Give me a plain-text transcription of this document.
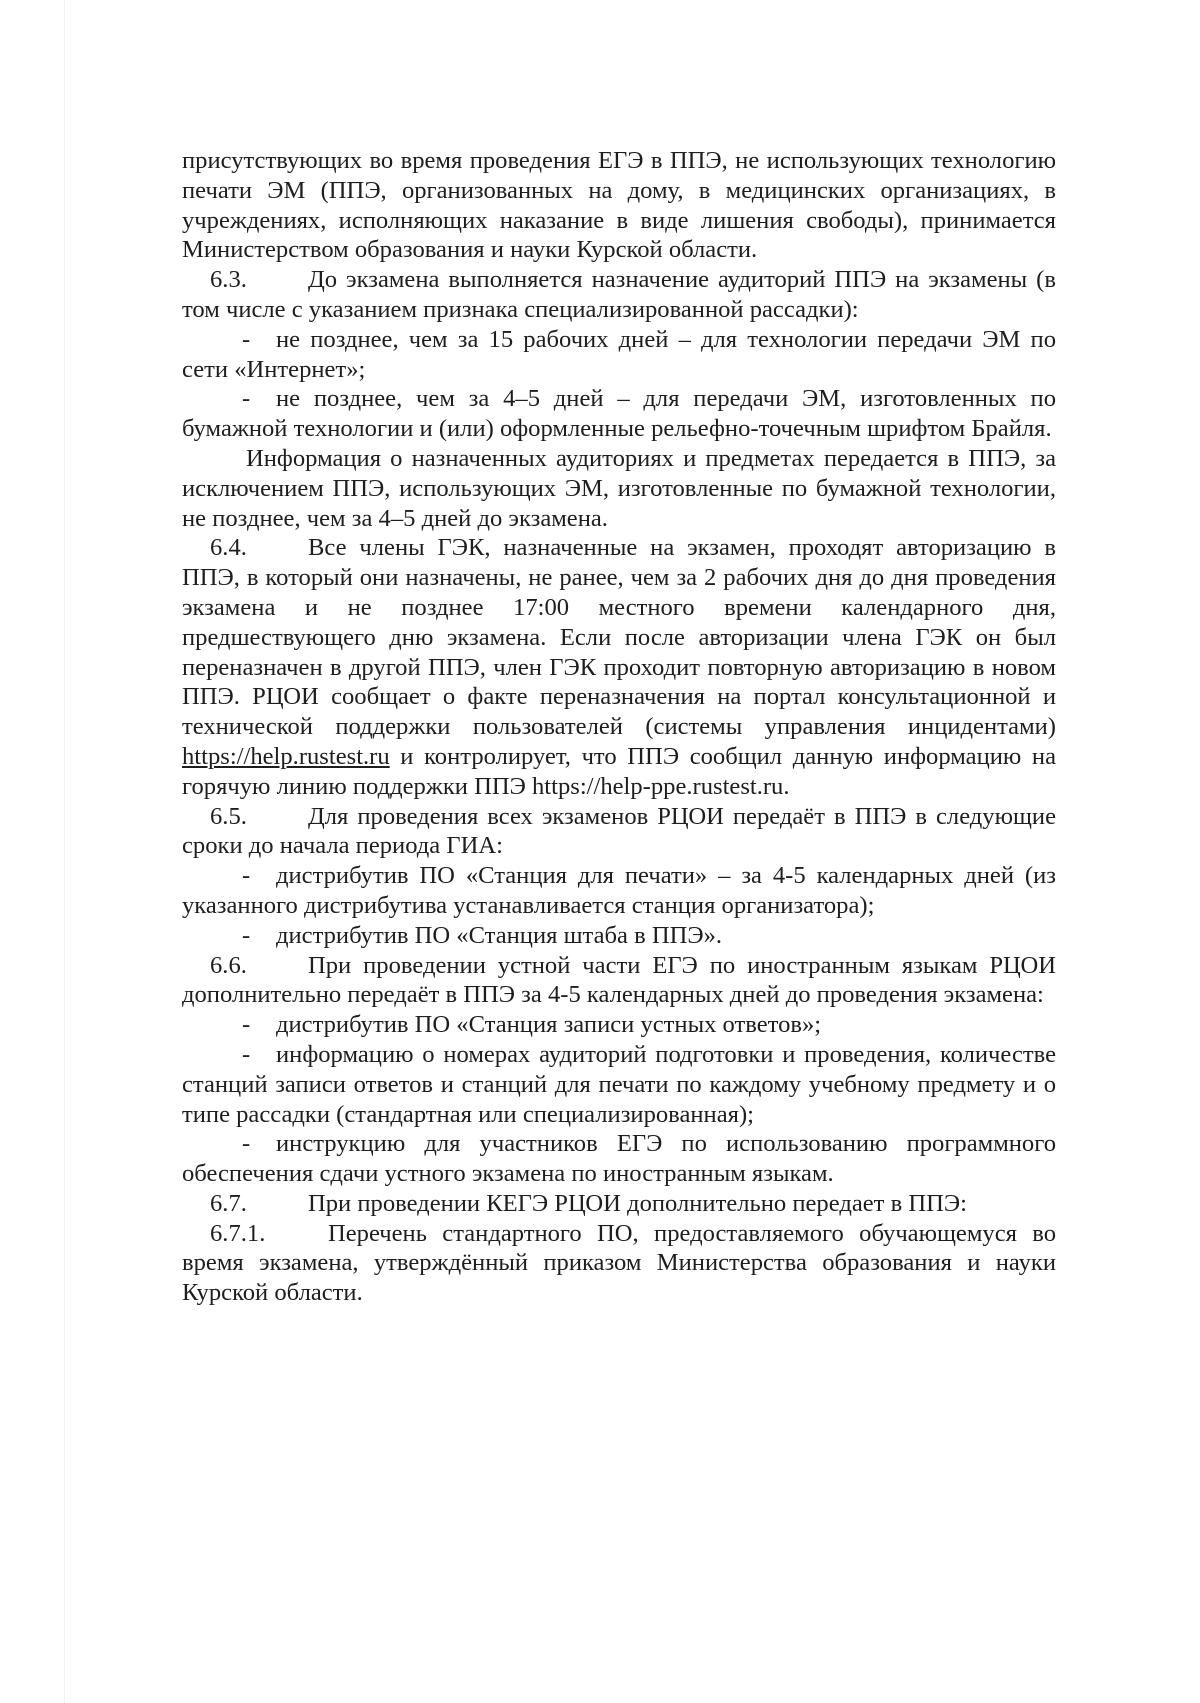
присутствующих во время проведения ЕГЭ в ППЭ, не использующих технологию печати ЭМ (ППЭ, организованных на дому, в медицинских организациях, в учреждениях, исполняющих наказание в виде лишения свободы), принимается Министерством образования и науки Курской области.

6.3. До экзамена выполняется назначение аудиторий ППЭ на экзамены (в том числе с указанием признака специализированной рассадки):

- не позднее, чем за 15 рабочих дней – для технологии передачи ЭМ по сети «Интернет»;

- не позднее, чем за 4–5 дней – для передачи ЭМ, изготовленных по бумажной технологии и (или) оформленные рельефно-точечным шрифтом Брайля.

Информация о назначенных аудиториях и предметах передается в ППЭ, за исключением ППЭ, использующих ЭМ, изготовленные по бумажной технологии, не позднее, чем за 4–5 дней до экзамена.

6.4. Все члены ГЭК, назначенные на экзамен, проходят авторизацию в ППЭ, в который они назначены, не ранее, чем за 2 рабочих дня до дня проведения экзамена и не позднее 17:00 местного времени календарного дня, предшествующего дню экзамена. Если после авторизации члена ГЭК он был переназначен в другой ППЭ, член ГЭК проходит повторную авторизацию в новом ППЭ. РЦОИ сообщает о факте переназначения на портал консультационной и технической поддержки пользователей (системы управления инцидентами) https://help.rustest.ru и контролирует, что ППЭ сообщил данную информацию на горячую линию поддержки ППЭ https://help-ppe.rustest.ru.

6.5. Для проведения всех экзаменов РЦОИ передаёт в ППЭ в следующие сроки до начала периода ГИА:

- дистрибутив ПО «Станция для печати» – за 4-5 календарных дней (из указанного дистрибутива устанавливается станция организатора);

- дистрибутив ПО «Станция штаба в ППЭ».

6.6. При проведении устной части ЕГЭ по иностранным языкам РЦОИ дополнительно передаёт в ППЭ за 4-5 календарных дней до проведения экзамена:

- дистрибутив ПО «Станция записи устных ответов»;

- информацию о номерах аудиторий подготовки и проведения, количестве станций записи ответов и станций для печати по каждому учебному предмету и о типе рассадки (стандартная или специализированная);

- инструкцию для участников ЕГЭ по использованию программного обеспечения сдачи устного экзамена по иностранным языкам.

6.7. При проведении КЕГЭ РЦОИ дополнительно передает в ППЭ:

6.7.1.	Перечень стандартного ПО, предоставляемого обучающемуся во время экзамена, утверждённый приказом Министерства образования и науки Курской области.
